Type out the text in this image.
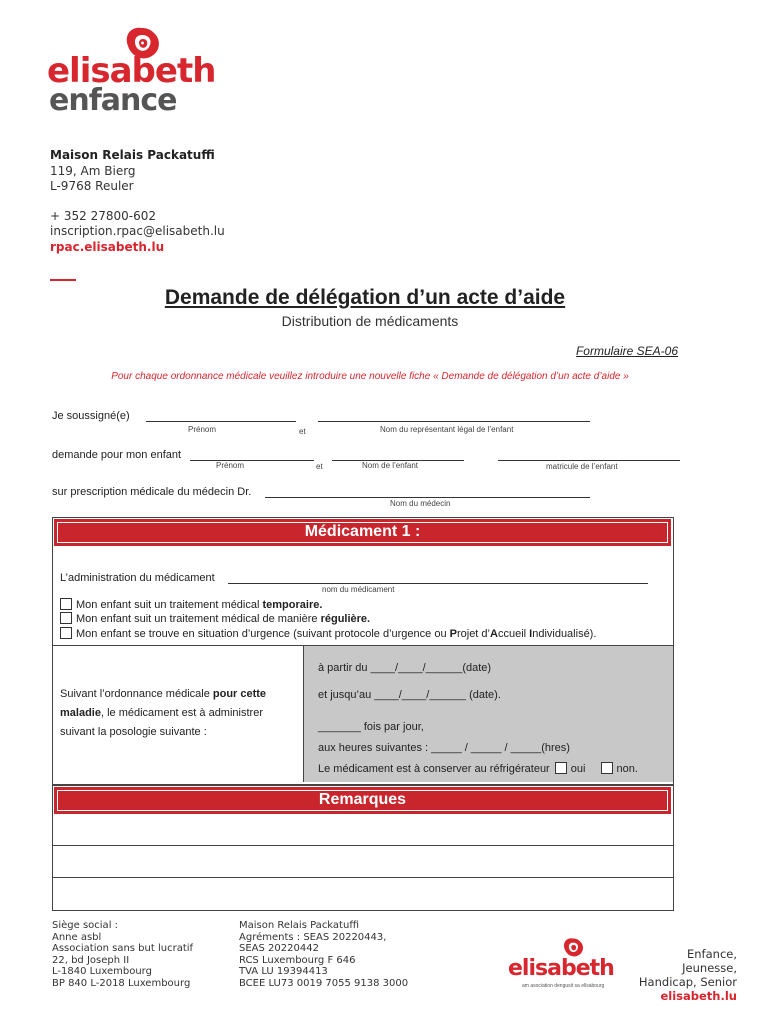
elisabeth
enfance
Maison Relais Packatuffi
119, Am Bierg
L-9768 Reuler
+ 352 27800-602
inscription.rpac@elisabeth.lu
rpac.elisabeth.lu
Demande de délégation d’un acte d’aide
Distribution de médicaments
Formulaire SEA-06
Pour chaque ordonnance médicale veuillez introduire une nouvelle fiche « Demande de délégation d’un acte d’aide »
Je soussigné(e)
Prénom	et	Nom du représentant légal de l’enfant
demande pour mon enfant
Prénom	et	Nom de l’enfant	matricule de l’enfant
sur prescription médicale du médecin Dr.
Nom du médecin
Médicament 1 :
L’administration du médicament
nom du médicament
Mon enfant suit un traitement médical temporaire.
Mon enfant suit un traitement médical de manière régulière.
Mon enfant se trouve en situation d’urgence (suivant protocole d’urgence ou Projet d’Accueil Individualisé).
Suivant l’ordonnance médicale pour cette
maladie, le médicament est à administrer
suivant la posologie suivante :
à partir du ____/____/______(date)
et jusqu’au ____/____/______ (date).
_______ fois par jour,
aux heures suivantes : _____ / _____ / _____(hres)
Le médicament est à conserver au réfrigérateur oui	non.
Remarques
Siège social :
Anne asbl
Association sans but lucratif
22, bd Joseph II
L-1840 Luxembourg
BP 840 L-2018 Luxembourg
Maison Relais Packatuffi
Agréments : SEAS 20220443,
SEAS 20220442
RCS Luxembourg F 646
TVA LU 19394413
BCEE LU73 0019 7055 9138 3000
elisabeth
am asociation dengusit sa ellsabourg
Enfance, Jeunesse,
Handicap, Senior
elisabeth.lu
